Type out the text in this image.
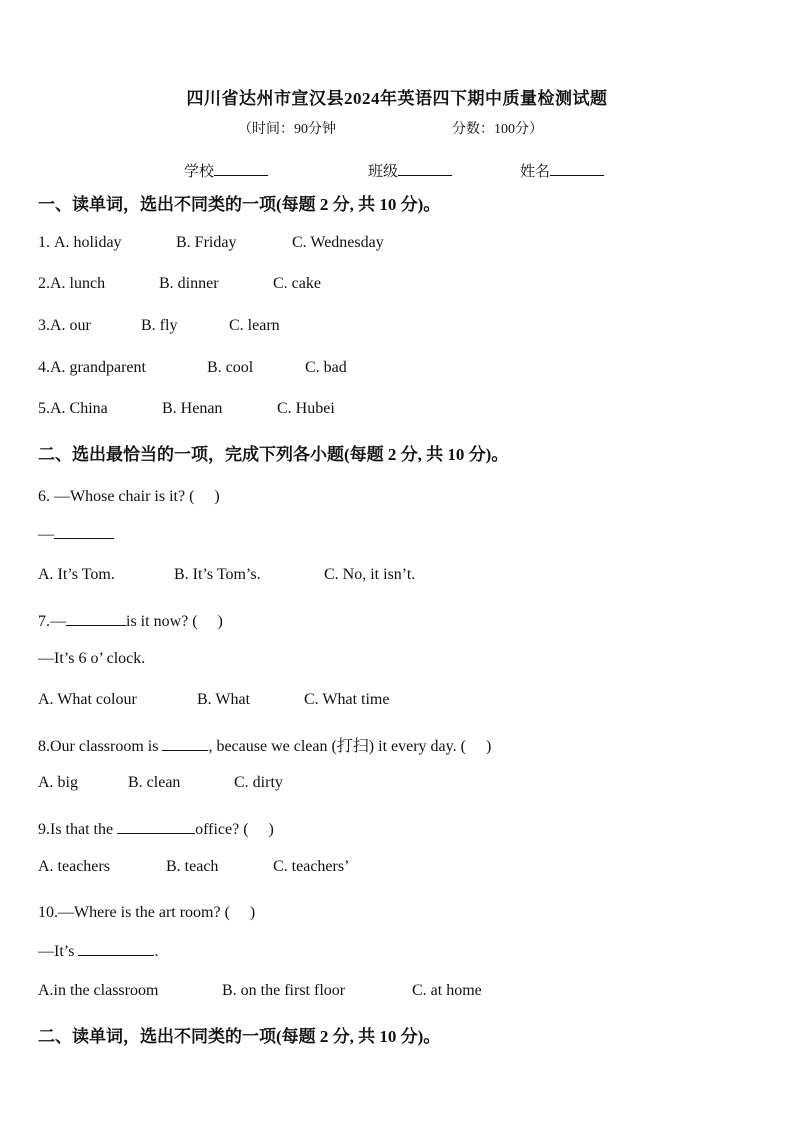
四川省达州市宣汉县2024年英语四下期中质量检测试题
（时间：90分钟	分数：100分）
学校	班级	姓名
一、读单词，选出不同类的一项(每题 2 分, 共 10 分)。
1. A. holiday	B. Friday	C. Wednesday
2.A. lunch	B. dinner	C. cake
3.A. our	B. fly	C. learn
4.A. grandparent	B. cool	C. bad
5.A. China	B. Henan	C. Hubei
二、选出最恰当的一项，完成下列各小题(每题 2 分, 共 10 分)。
6. —Whose chair is it? (　 )
—
A. It’s Tom.	B. It’s Tom’s.	C. No, it isn’t.
7.—	is it now? (　 )
—It’s 6 o’ clock.
A. What colour	B. What	C. What time
8.Our classroom is	, because we clean (打扫) it every day. (　 )
A. big	B. clean	C. dirty
9.Is that the	office? (　 )
A. teachers	B. teach	C. teachers’
10.—Where is the art room? (　 )
—It’s	.
A.in the classroom	B. on the first floor	C. at home
二、读单词，选出不同类的一项(每题 2 分, 共 10 分)。
